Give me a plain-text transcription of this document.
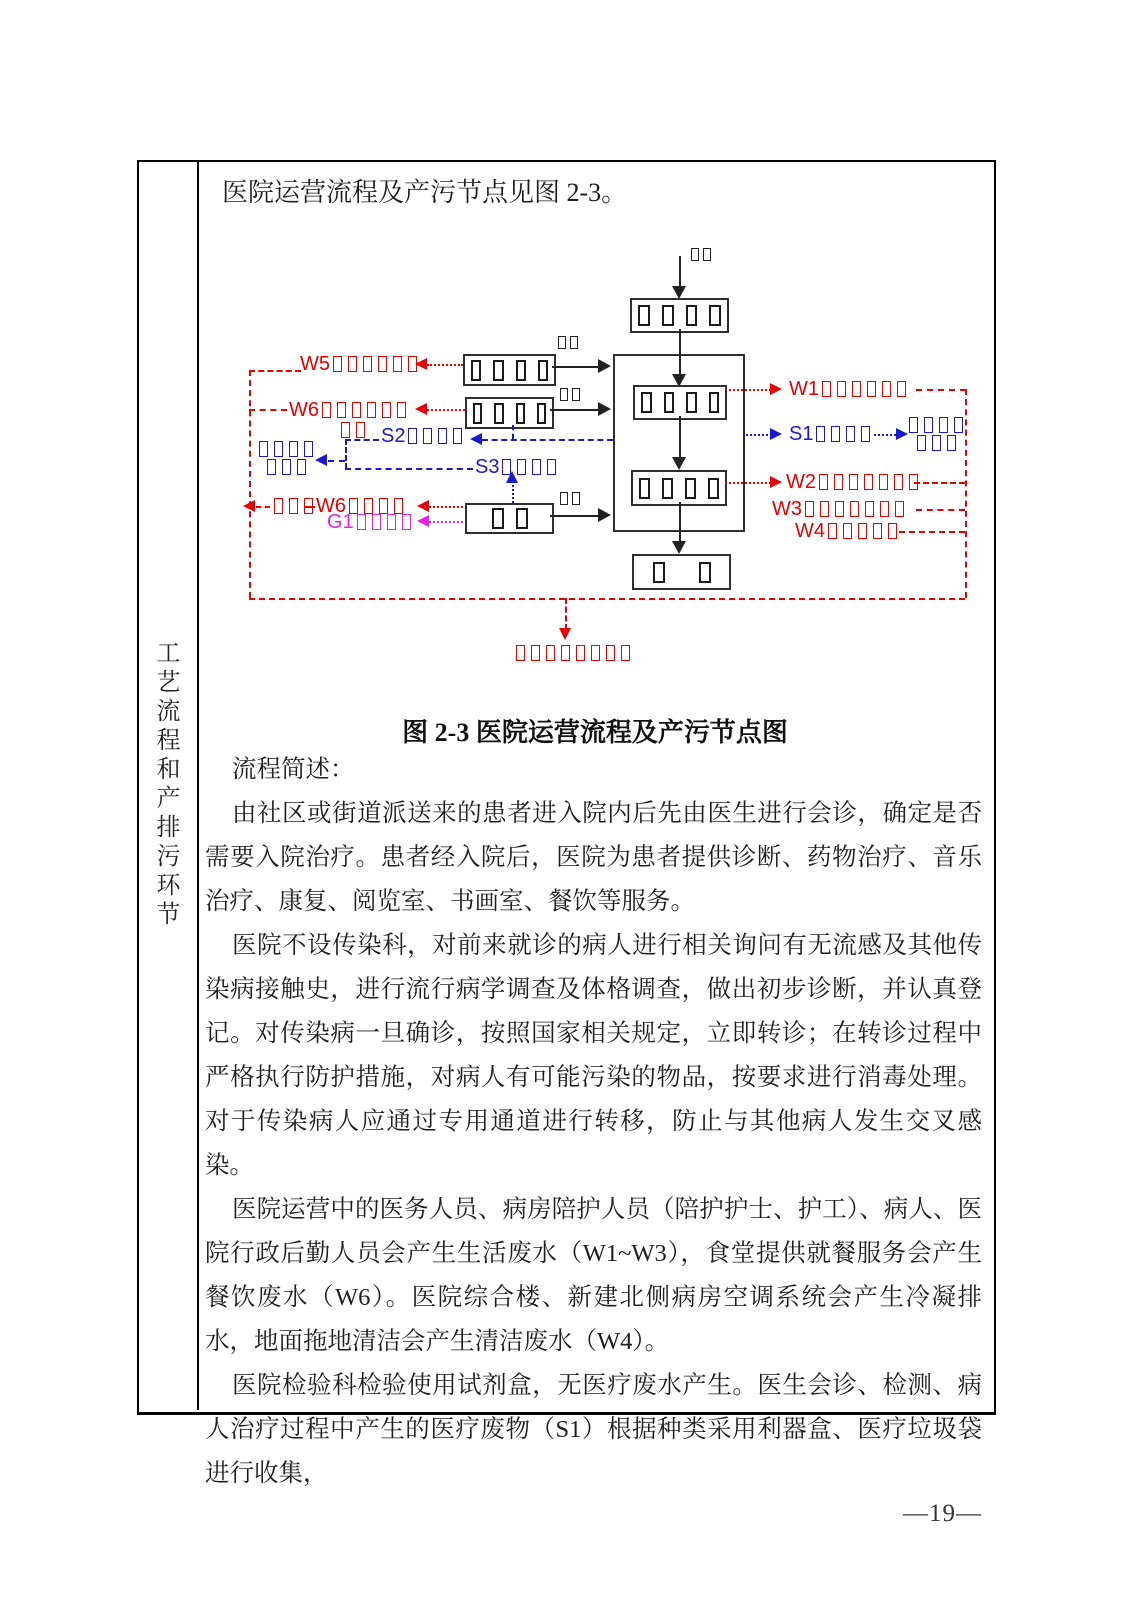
工艺流程和产排污环节
医院运营流程及产污节点见图 2-3。
W5
W6
W6
G1
S2
S3
W1
S1
W2
W3
W4
图 2-3 医院运营流程及产污节点图

流程简述：

由社区或街道派送来的患者进入院内后先由医生进行会诊，确定是否需要入院治疗。患者经入院后，医院为患者提供诊断、药物治疗、音乐治疗、康复、阅览室、书画室、餐饮等服务。

医院不设传染科，对前来就诊的病人进行相关询问有无流感及其他传染病接触史，进行流行病学调查及体格调查，做出初步诊断，并认真登记。对传染病一旦确诊，按照国家相关规定，立即转诊；在转诊过程中严格执行防护措施，对病人有可能污染的物品，按要求进行消毒处理。对于传染病人应通过专用通道进行转移，防止与其他病人发生交叉感染。

医院运营中的医务人员、病房陪护人员（陪护护士、护工）、病人、医院行政后勤人员会产生生活废水（W1~W3），食堂提供就餐服务会产生餐饮废水（W6）。医院综合楼、新建北侧病房空调系统会产生冷凝排水，地面拖地清洁会产生清洁废水（W4）。

医院检验科检验使用试剂盒，无医疗废水产生。医生会诊、检测、病人治疗过程中产生的医疗废物（S1）根据种类采用利器盒、医疗垃圾袋进行收集，

—19—
